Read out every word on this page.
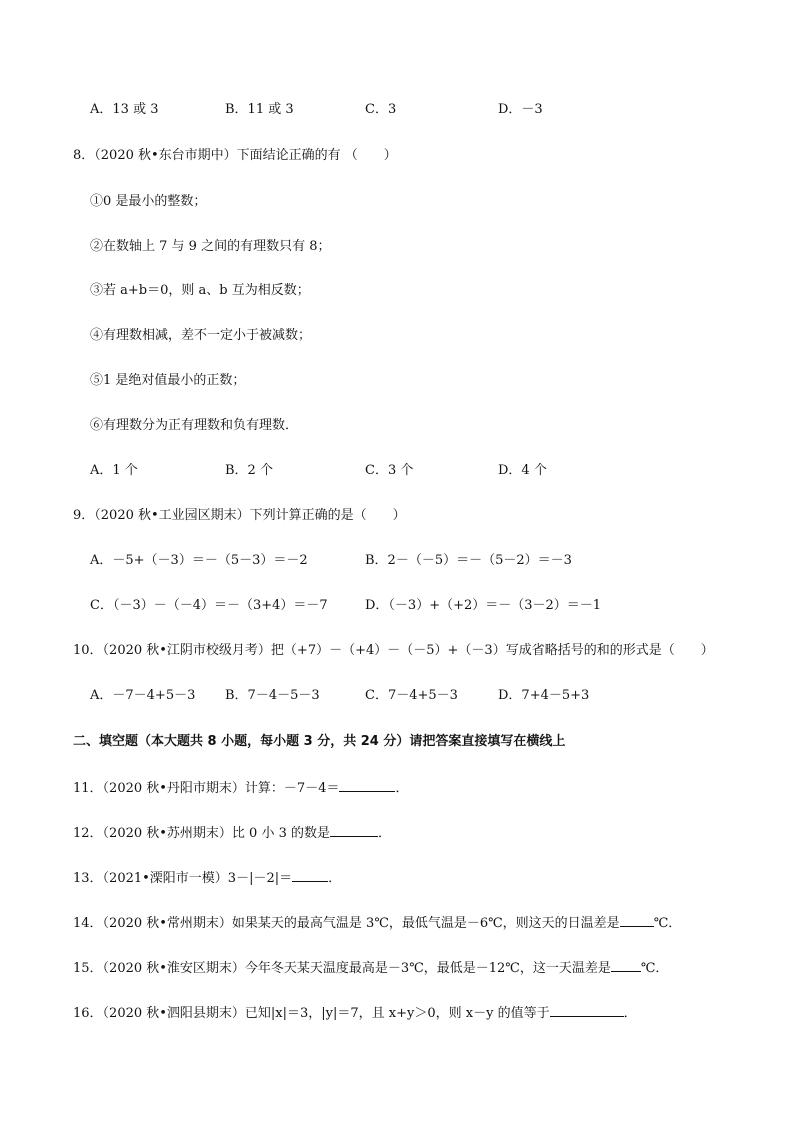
A．13 或 3	B．11 或 3	C．3	D．－3
8．（2020 秋•东台市期中）下面结论正确的有 （　　）
①0 是最小的整数；
②在数轴上 7 与 9 之间的有理数只有 8；
③若 a+b＝0，则 a、b 互为相反数；
④有理数相减，差不一定小于被减数；
⑤1 是绝对值最小的正数；
⑥有理数分为正有理数和负有理数．
A．1 个	B．2 个	C．3 个	D．4 个
9．（2020 秋•工业园区期末）下列计算正确的是（　　）
A．－5+（－3）＝－（5－3）＝－2	B．2－（－5）＝－（5－2）＝－3
C．（－3）－（－4）＝－（3+4）＝－7	D．（－3）+（+2）＝－（3－2）＝－1
10．（2020 秋•江阴市校级月考）把（+7）－（+4）－（－5）+（－3）写成省略括号的和的形式是（　　）
A．－7－4+5－3 B．7－4－5－3	C．7－4+5－3	D．7+4－5+3
二、填空题（本大题共 8 小题，每小题 3 分，共 24 分）请把答案直接填写在横线上
11．（2020 秋•丹阳市期末）计算：－7－4＝	．
12．（2020 秋•苏州期末）比 0 小 3 的数是	．
13．（2021•溧阳市一模）3－|－2|＝	．
14．（2020 秋•常州期末）如果某天的最高气温是 3℃，最低气温是－6℃，则这天的日温差是	℃．
15．（2020 秋•淮安区期末）今年冬天某天温度最高是－3℃，最低是－12℃，这一天温差是 ℃．
16．（2020 秋•泗阳县期末）已知|x|＝3，|y|＝7，且 x+y＞0，则 x－y 的值等于	．
